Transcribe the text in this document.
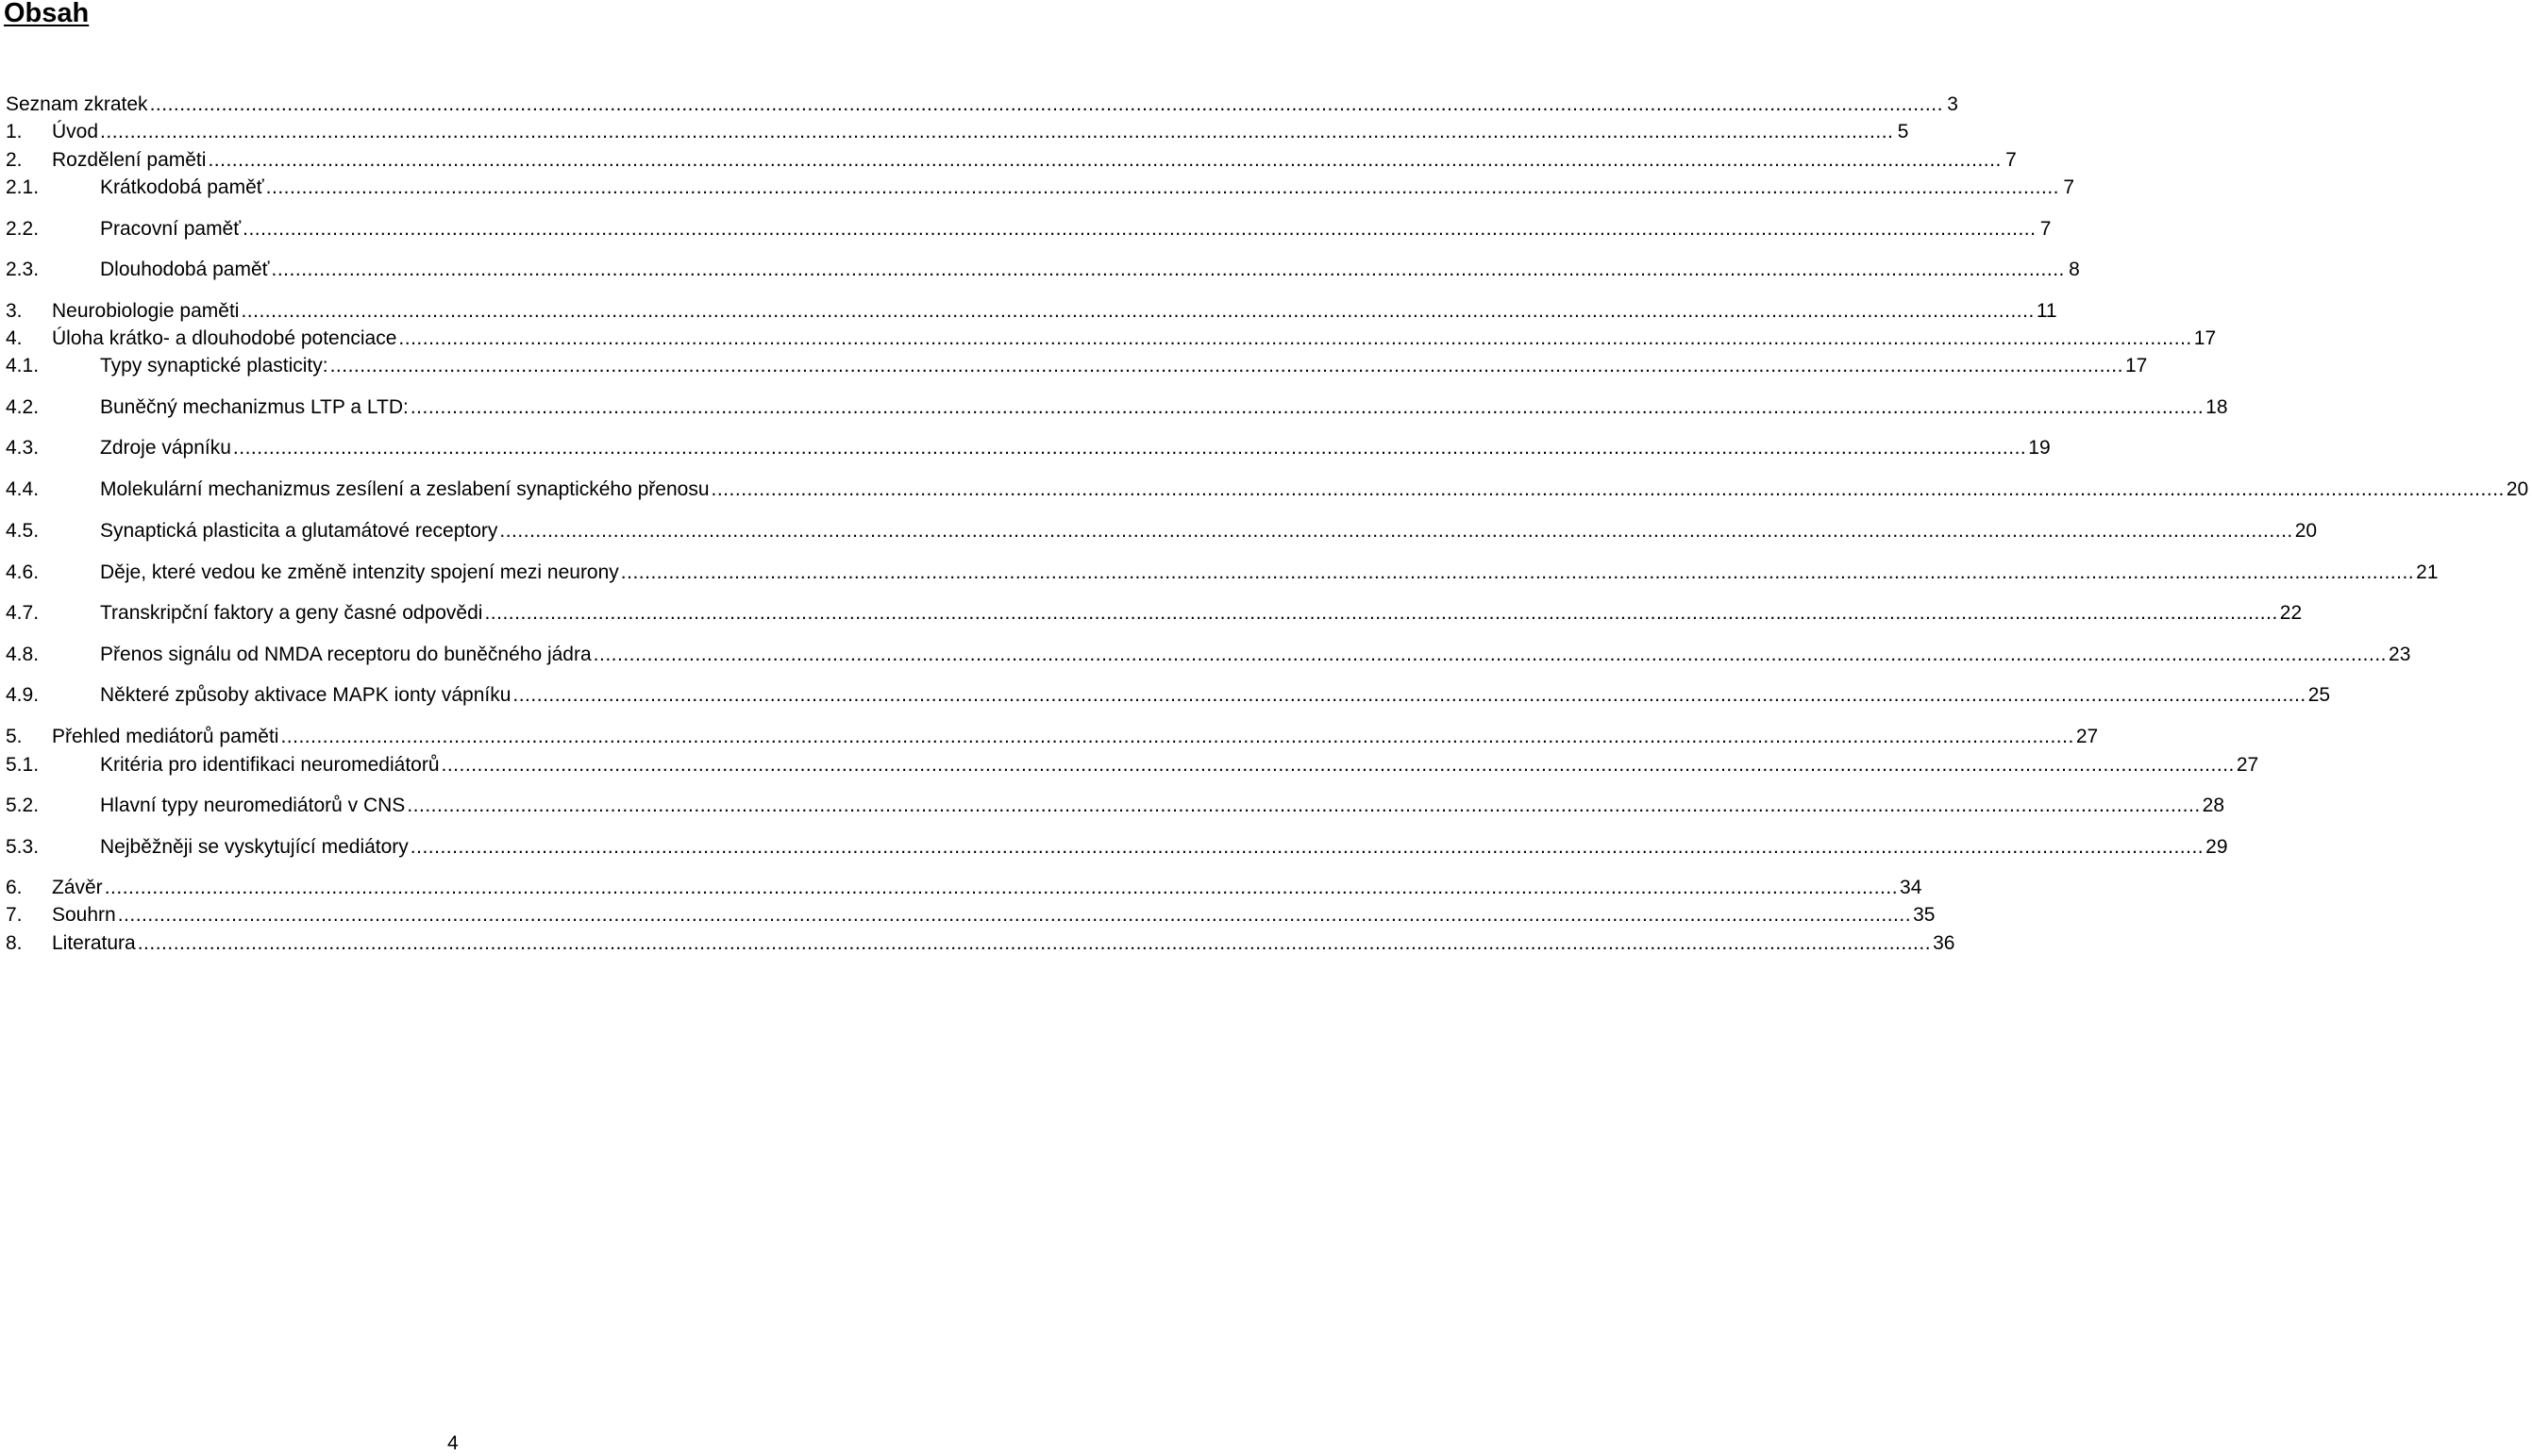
Obsah
Seznam zkratek ............................................................................................................................................................................................................................................................................................................ 3
1. Úvod ............................................................................................................................................................................................................................................................................................................ 5
2. Rozdělení paměti ............................................................................................................................................................................................................................................................................................................ 7
2.1.	Krátkodobá paměť ............................................................................................................................................................................................................................................................................................................ 7
2.2.	Pracovní paměť ............................................................................................................................................................................................................................................................................................................ 7
2.3.	Dlouhodobá paměť ............................................................................................................................................................................................................................................................................................................ 8
3. Neurobiologie paměti ............................................................................................................................................................................................................................................................................................................ 11
4. Úloha krátko- a dlouhodobé potenciace ............................................................................................................................................................................................................................................................................................................ 17
4.1.	Typy synaptické plasticity: ............................................................................................................................................................................................................................................................................................................ 17
4.2.	Buněčný mechanizmus LTP a LTD: ............................................................................................................................................................................................................................................................................................................ 18
4.3.	Zdroje vápníku ............................................................................................................................................................................................................................................................................................................ 19
4.4.	Molekulární mechanizmus zesílení a zeslabení synaptického přenosu ............................................................................................................................................................................................................................................................................................................ 20
4.5.	Synaptická plasticita a glutamátové receptory ............................................................................................................................................................................................................................................................................................................ 20
4.6.	Děje, které vedou ke změně intenzity spojení mezi neurony ............................................................................................................................................................................................................................................................................................................ 21
4.7.	Transkripční faktory a geny časné odpovědi ............................................................................................................................................................................................................................................................................................................ 22
4.8.	Přenos signálu od NMDA receptoru do buněčného jádra ............................................................................................................................................................................................................................................................................................................ 23
4.9.	Některé způsoby aktivace MAPK ionty vápníku ............................................................................................................................................................................................................................................................................................................ 25
5. Přehled mediátorů paměti ............................................................................................................................................................................................................................................................................................................ 27
5.1.	Kritéria pro identifikaci neuromediátorů ............................................................................................................................................................................................................................................................................................................ 27
5.2.	Hlavní typy neuromediátorů v CNS ............................................................................................................................................................................................................................................................................................................ 28
5.3.	Nejběžněji se vyskytující mediátory ............................................................................................................................................................................................................................................................................................................ 29
6. Závěr ............................................................................................................................................................................................................................................................................................................ 34
7. Souhrn ............................................................................................................................................................................................................................................................................................................ 35
8. Literatura ............................................................................................................................................................................................................................................................................................................ 36
4
